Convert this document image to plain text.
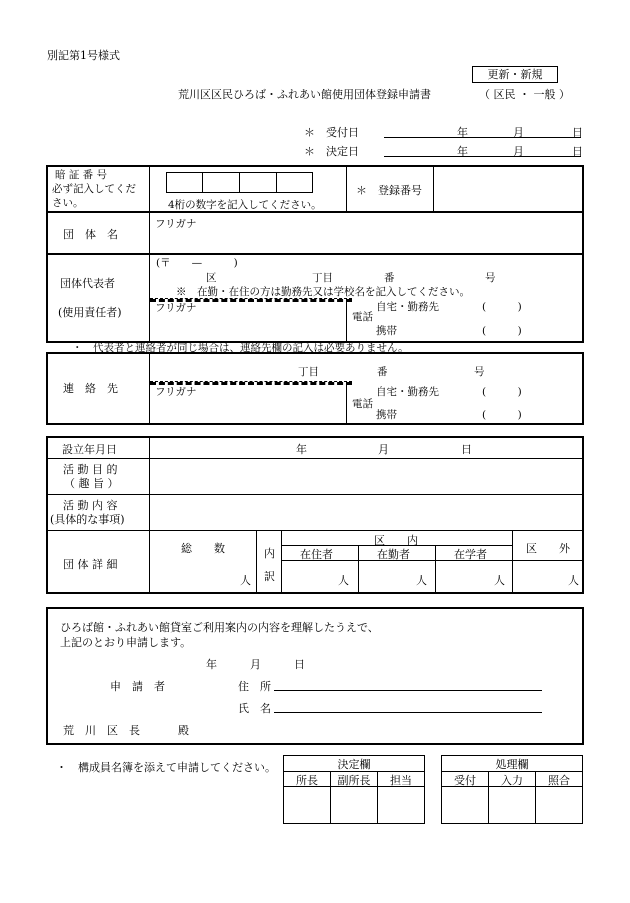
別記第1号様式
更新・新規
荒川区区民ひろば・ふれあい館使用団体登録申請書	（ 区民 ・ 一般 ）
＊　受付日	年	月	日
＊　決定日	年	月	日
暗 証 番 号
必ず記入してくだ
さい。	4桁の数字を記入してください。
＊　登録番号
団　体　名
フリガナ
団体代表者
(使用責任者)
(〒　　—　　　)
区	丁目	番	号
※　在勤・在住の方は勤務先又は学校名を記入してください。
フリガナ
電話
自宅・勤務先	(　　　)
携帯	(　　　)
・　代表者と連絡者が同じ場合は、連絡先欄の記入は必要ありません。
連　絡　先
丁目	番	号
フリガナ
電話
自宅・勤務先	(　　　)
携帯	(　　　)
設立年月日	年	月	日
活 動 目 的
（ 趣 旨 ）
活 動 内 容
(具体的な事項)
団 体 詳 細
総　　数
人
内
訳
区　　内
在住者	在勤者	在学者	区　　外
人	人	人	人
ひろば館・ふれあい館貸室ご利用案内の内容を理解したうえで、
上記のとおり申請します。
年　　　月　　　日
申　請　者	住　所
氏　名
荒　川　区　長	殿
・　構成員名簿を添えて申請してください。	決定欄
所長	副所長	担当
処理欄
受付	入力	照合
